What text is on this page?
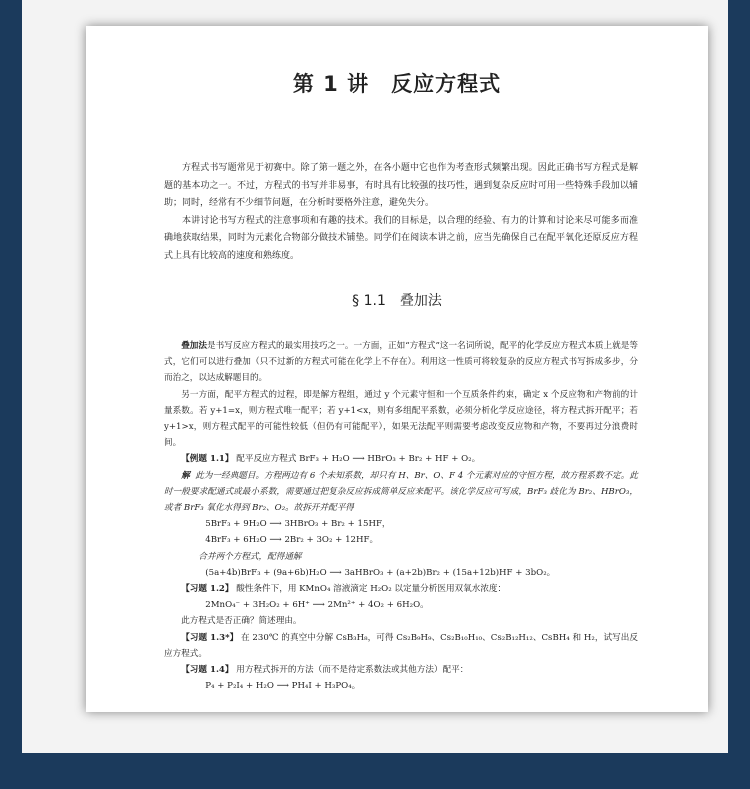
第 1 讲　反应方程式

方程式书写题常见于初赛中。除了第一题之外，在各小题中它也作为考查形式频繁出现。因此正确书写方程式是解题的基本功之一。不过，方程式的书写并非易事，有时具有比较强的技巧性，遇到复杂反应时可用一些特殊手段加以辅助；同时，经常有不少细节问题，在分析时要格外注意，避免失分。

本讲讨论书写方程式的注意事项和有趣的技术。我们的目标是，以合理的经验、有力的计算和讨论来尽可能多而准确地获取结果，同时为元素化合物部分做技术铺垫。同学们在阅读本讲之前，应当先确保自己在配平氧化还原反应方程式上具有比较高的速度和熟练度。

§ 1.1　叠加法

叠加法是书写反应方程式的最实用技巧之一。一方面，正如“方程式”这一名词所说，配平的化学反应方程式本质上就是等式，它们可以进行叠加（只不过新的方程式可能在化学上不存在）。利用这一性质可将较复杂的反应方程式书写拆成多步，分而治之，以达成解题目的。

另一方面，配平方程式的过程，即是解方程组，通过 y 个元素守恒和一个互质条件约束，确定 x 个反应物和产物前的计量系数。若 y+1=x，则方程式唯一配平；若 y+1<x，则有多组配平系数，必须分析化学反应途径，将方程式拆开配平；若 y+1>x，则方程式配平的可能性较低（但仍有可能配平），如果无法配平则需要考虑改变反应物和产物，不要再过分浪费时间。

【例题 1.1】 配平反应方程式 BrF₃ + H₂O ⟶ HBrO₃ + Br₂ + HF + O₂。

解 此为一经典题目。方程两边有 6 个未知系数，却只有 H、Br、O、F 4 个元素对应的守恒方程，故方程系数不定。此时一般要求配通式或最小系数，需要通过把复杂反应拆成简单反应来配平。该化学反应可写成，BrF₃ 歧化为 Br₂、HBrO₃，或者 BrF₃ 氧化水得到 Br₂、O₂。故拆开并配平得

5BrF₃ + 9H₂O ⟶ 3HBrO₃ + Br₂ + 15HF，

4BrF₃ + 6H₂O ⟶ 2Br₂ + 3O₂ + 12HF。

合并两个方程式，配得通解

(5a+4b)BrF₃ + (9a+6b)H₂O ⟶ 3aHBrO₃ + (a+2b)Br₂ + (15a+12b)HF + 3bO₂。

【习题 1.2】 酸性条件下，用 KMnO₄ 溶液滴定 H₂O₂ 以定量分析医用双氧水浓度：

2MnO₄⁻ + 3H₂O₂ + 6H⁺ ⟶ 2Mn²⁺ + 4O₂ + 6H₂O。

此方程式是否正确？简述理由。

【习题 1.3*】 在 230℃ 的真空中分解 CsB₃H₈，可得 Cs₂B₉H₉、Cs₂B₁₀H₁₀、Cs₂B₁₂H₁₂、CsBH₄ 和 H₂，试写出反应方程式。

【习题 1.4】 用方程式拆开的方法（而不是待定系数法或其他方法）配平：

P₄ + P₂I₄ + H₂O ⟶ PH₄I + H₃PO₄。
